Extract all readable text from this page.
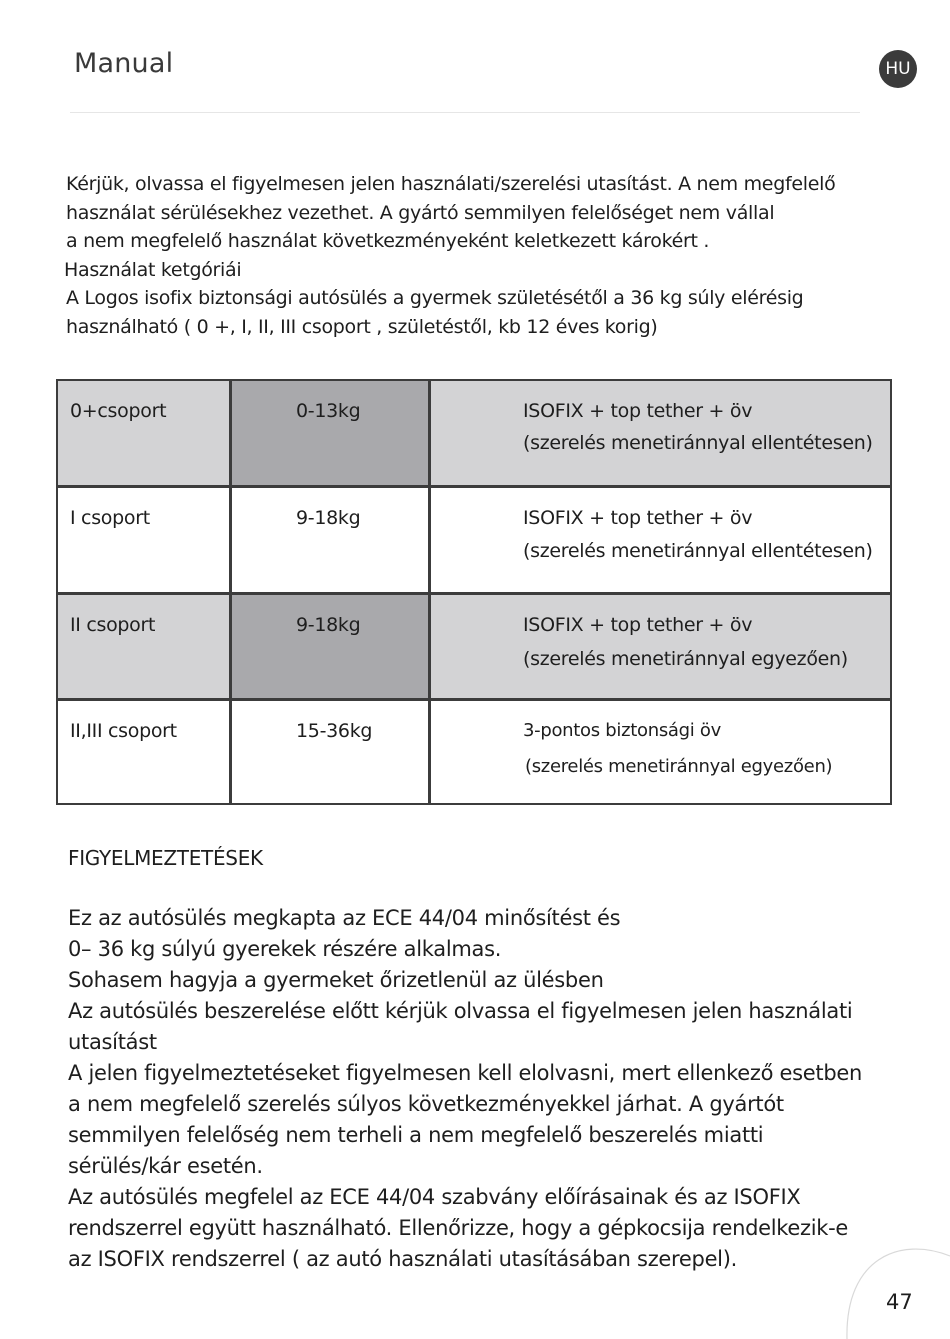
Manual	HU

Kérjük, olvassa el figyelmesen jelen használati/szerelési utasítást. A nem megfelelő

használat sérülésekhez vezethet. A gyártó semmilyen felelőséget nem vállal

a nem megfelelő használat következményeként keletkezett károkért .

Használat ketgóriái

A Logos isofix biztonsági autósülés a gyermek születésétől a 36 kg súly elérésig

használható ( 0 +, I, II, III csoport , születéstől, kb 12 éves korig)

0+csoport	0-13kg	ISOFIX + top tether + öv
(szerelés menetiránnyal ellentétesen)
I csoport	9-18kg	ISOFIX + top tether + öv
(szerelés menetiránnyal ellentétesen)
II csoport	9-18kg	ISOFIX + top tether + öv
(szerelés menetiránnyal egyezően)
II,III csoport	15-36kg	3-pontos biztonsági öv
(szerelés menetiránnyal egyezően)
FIGYELMEZTETÉSEK

Ez az autósülés megkapta az ECE 44/04 minősítést és

0– 36 kg súlyú gyerekek részére alkalmas.

Sohasem hagyja a gyermeket őrizetlenül az ülésben

Az autósülés beszerelése előtt kérjük olvassa el figyelmesen jelen használati

utasítást

A jelen figyelmeztetéseket figyelmesen kell elolvasni, mert ellenkező esetben

a nem megfelelő szerelés súlyos következményekkel járhat. A gyártót

semmilyen felelőség nem terheli a nem megfelelő beszerelés miatti

sérülés/kár esetén.

Az autósülés megfelel az ECE 44/04 szabvány előírásainak és az ISOFIX

rendszerrel együtt használható. Ellenőrizze, hogy a gépkocsija rendelkezik-e

az ISOFIX rendszerrel ( az autó használati utasításában szerepel).

47
